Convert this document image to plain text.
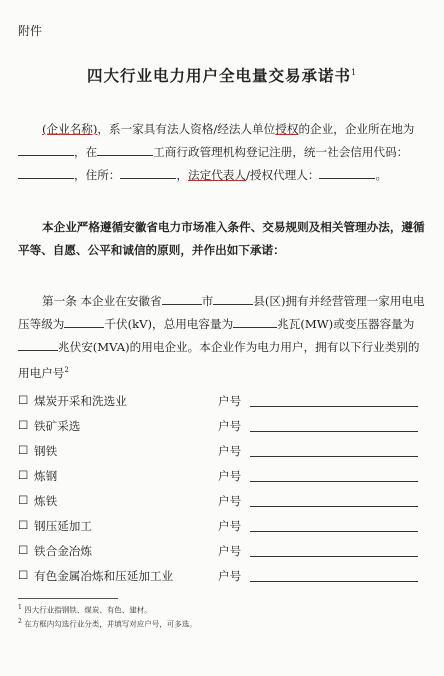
附件
四大行业电力用户全电量交易承诺书$^1$
(企业名称)，系一家具有法人资格/经法人单位授权的企业，企业所在地为，在	工商行政管理机构登记注册，统一社会信用代码：，住所：	，法定代表人/授权代理人：	。
本企业严格遵循安徽省电力市场准入条件、交易规则及相关管理办法，遵循平等、自愿、公平和诚信的原则，并作出如下承诺：
第一条 本企业在安徽省	市	县(区)拥有并经营管理一家用电电压等级为	千伏(kV)，总用电容量为	兆瓦(MW)或变压器容量为兆伏安(MVA)的用电企业。本企业作为电力用户，拥有以下行业类别的用电户号$^2$
☐ 煤炭开采和洗选业	户号
☐ 铁矿采选	户号
☐ 钢铁	户号
☐ 炼钢	户号
☐ 炼铁	户号
☐ 钢压延加工	户号
☐ 铁合金冶炼	户号
☐ 有色金属冶炼和压延加工业	户号
$^1$ 四大行业指钢铁、煤炭、有色、建材。
$^2$ 在方框内勾选行业分类，并填写对应户号，可多选。
